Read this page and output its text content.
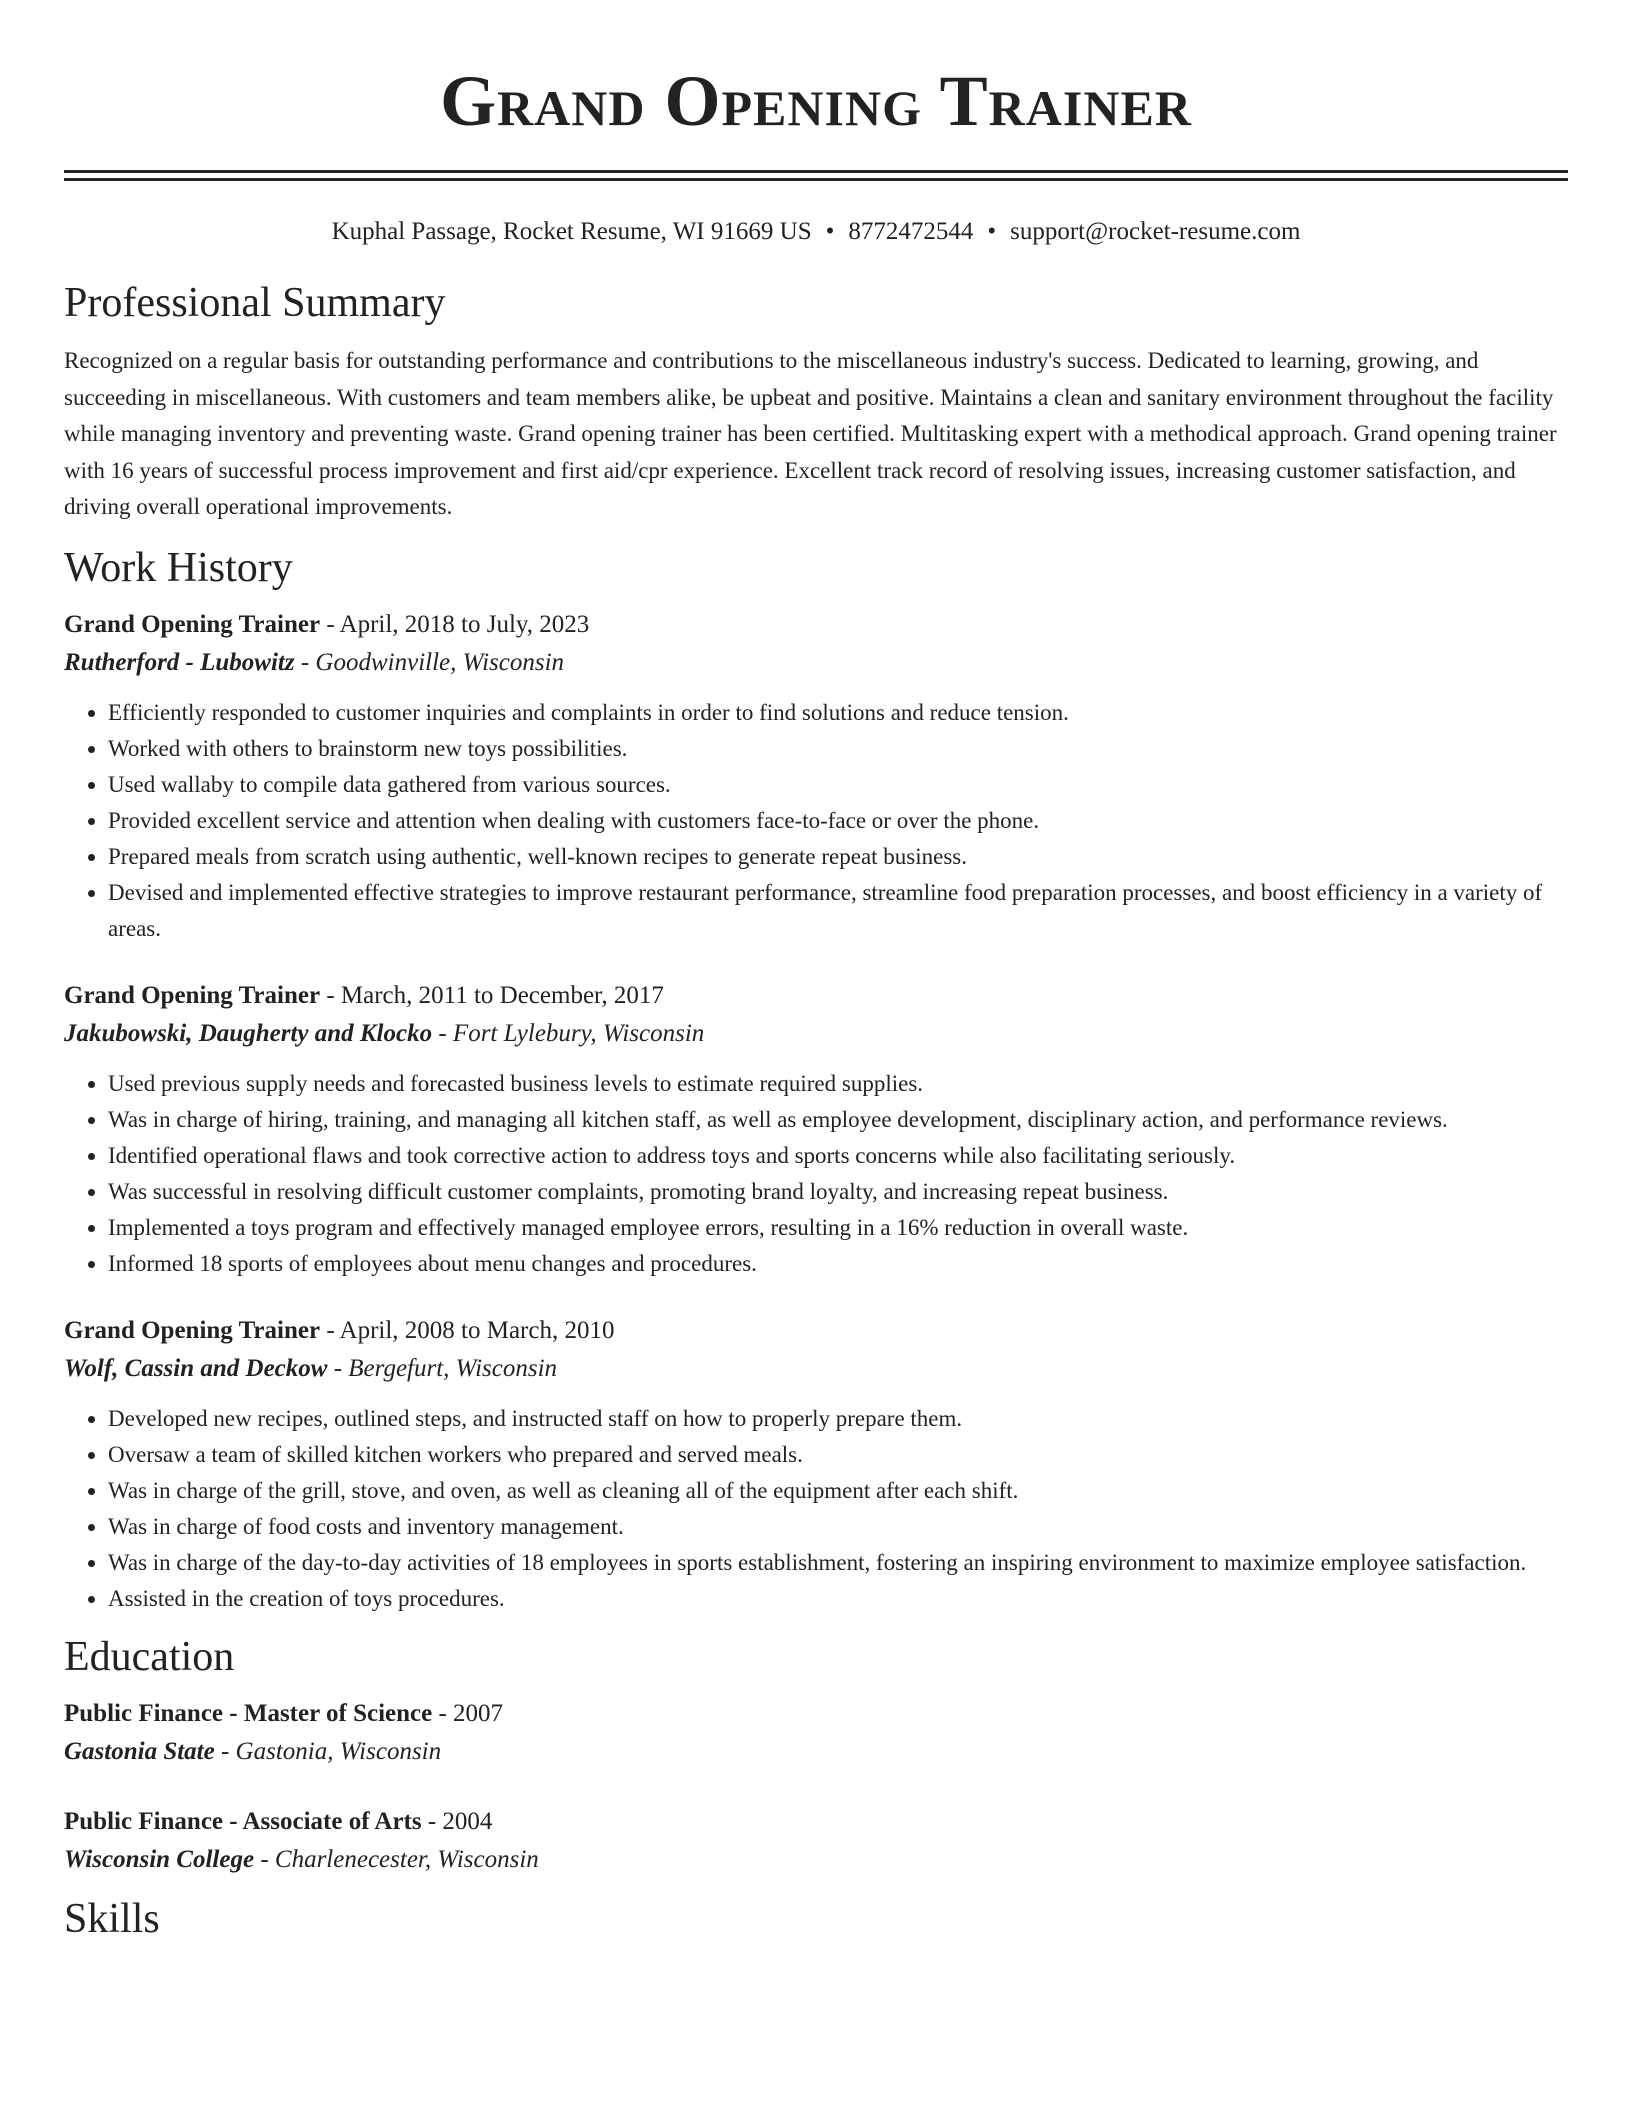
Grand Opening Trainer
Kuphal Passage, Rocket Resume, WI 91669 US • 8772472544 • support@rocket-resume.com
Professional Summary

Recognized on a regular basis for outstanding performance and contributions to the miscellaneous industry's success. Dedicated to learning, growing, and succeeding in miscellaneous. With customers and team members alike, be upbeat and positive. Maintains a clean and sanitary environment throughout the facility while managing inventory and preventing waste. Grand opening trainer has been certified. Multitasking expert with a methodical approach. Grand opening trainer with 16 years of successful process improvement and first aid/cpr experience. Excellent track record of resolving issues, increasing customer satisfaction, and driving overall operational improvements.

Work History
Grand Opening Trainer - April, 2018 to July, 2023
Rutherford - Lubowitz - Goodwinville, Wisconsin
• Efficiently responded to customer inquiries and complaints in order to find solutions and reduce tension.
• Worked with others to brainstorm new toys possibilities.
• Used wallaby to compile data gathered from various sources.
• Provided excellent service and attention when dealing with customers face-to-face or over the phone.
• Prepared meals from scratch using authentic, well-known recipes to generate repeat business.
• Devised and implemented effective strategies to improve restaurant performance, streamline food preparation processes, and boost efficiency in a variety of areas.
Grand Opening Trainer - March, 2011 to December, 2017
Jakubowski, Daugherty and Klocko - Fort Lylebury, Wisconsin
• Used previous supply needs and forecasted business levels to estimate required supplies.
• Was in charge of hiring, training, and managing all kitchen staff, as well as employee development, disciplinary action, and performance reviews.
• Identified operational flaws and took corrective action to address toys and sports concerns while also facilitating seriously.
• Was successful in resolving difficult customer complaints, promoting brand loyalty, and increasing repeat business.
• Implemented a toys program and effectively managed employee errors, resulting in a 16% reduction in overall waste.
• Informed 18 sports of employees about menu changes and procedures.
Grand Opening Trainer - April, 2008 to March, 2010
Wolf, Cassin and Deckow - Bergefurt, Wisconsin
• Developed new recipes, outlined steps, and instructed staff on how to properly prepare them.
• Oversaw a team of skilled kitchen workers who prepared and served meals.
• Was in charge of the grill, stove, and oven, as well as cleaning all of the equipment after each shift.
• Was in charge of food costs and inventory management.
• Was in charge of the day-to-day activities of 18 employees in sports establishment, fostering an inspiring environment to maximize employee satisfaction.
• Assisted in the creation of toys procedures.
Education
Public Finance - Master of Science - 2007
Gastonia State - Gastonia, Wisconsin
Public Finance - Associate of Arts - 2004
Wisconsin College - Charlenecester, Wisconsin
Skills
